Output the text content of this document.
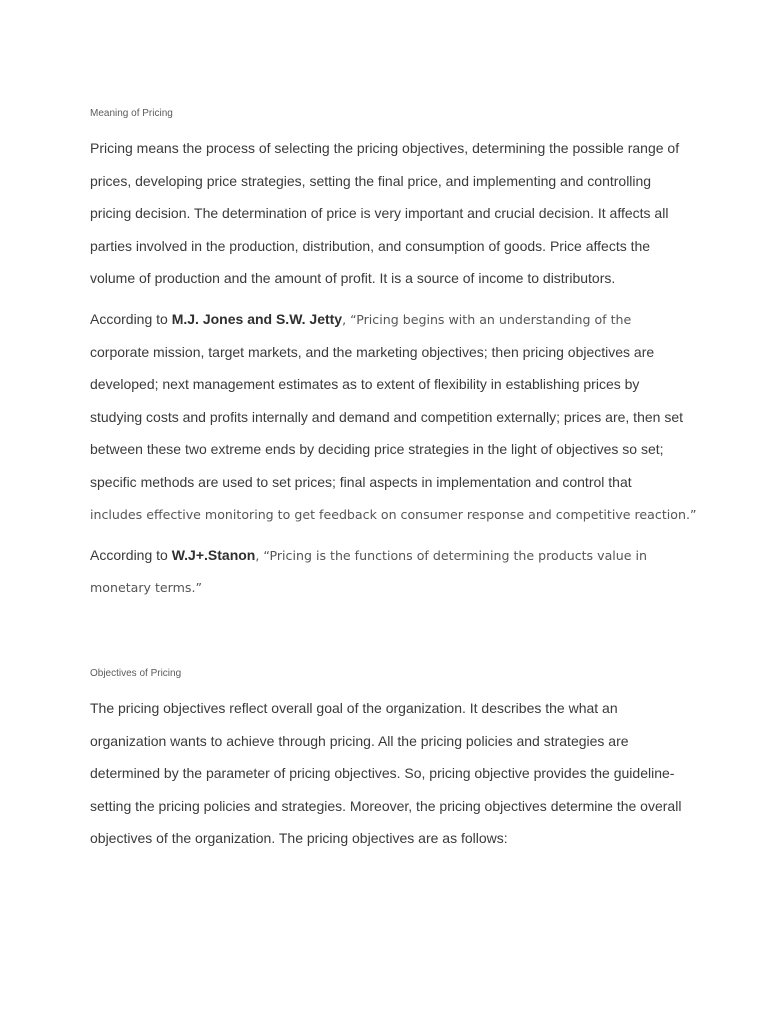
Meaning of Pricing
Pricing means the process of selecting the pricing objectives, determining the possible range of
prices, developing price strategies, setting the final price, and implementing and controlling
pricing decision. The determination of price is very important and crucial decision. It affects all
parties involved in the production, distribution, and consumption of goods. Price affects the
volume of production and the amount of profit. It is a source of income to distributors.
According to M.J. Jones and S.W. Jetty, “Pricing begins with an understanding of the
corporate mission, target markets, and the marketing objectives; then pricing objectives are
developed; next management estimates as to extent of flexibility in establishing prices by
studying costs and profits internally and demand and competition externally; prices are, then set
between these two extreme ends by deciding price strategies in the light of objectives so set;
specific methods are used to set prices; final aspects in implementation and control that
includes effective monitoring to get feedback on consumer response and competitive reaction.”
According to W.J+.Stanon, “Pricing is the functions of determining the products value in
monetary terms.”
Objectives of Pricing
The pricing objectives reflect overall goal of the organization. It describes the what an
organization wants to achieve through pricing. All the pricing policies and strategies are
determined by the parameter of pricing objectives. So, pricing objective provides the guideline-
setting the pricing policies and strategies. Moreover, the pricing objectives determine the overall
objectives of the organization. The pricing objectives are as follows:
